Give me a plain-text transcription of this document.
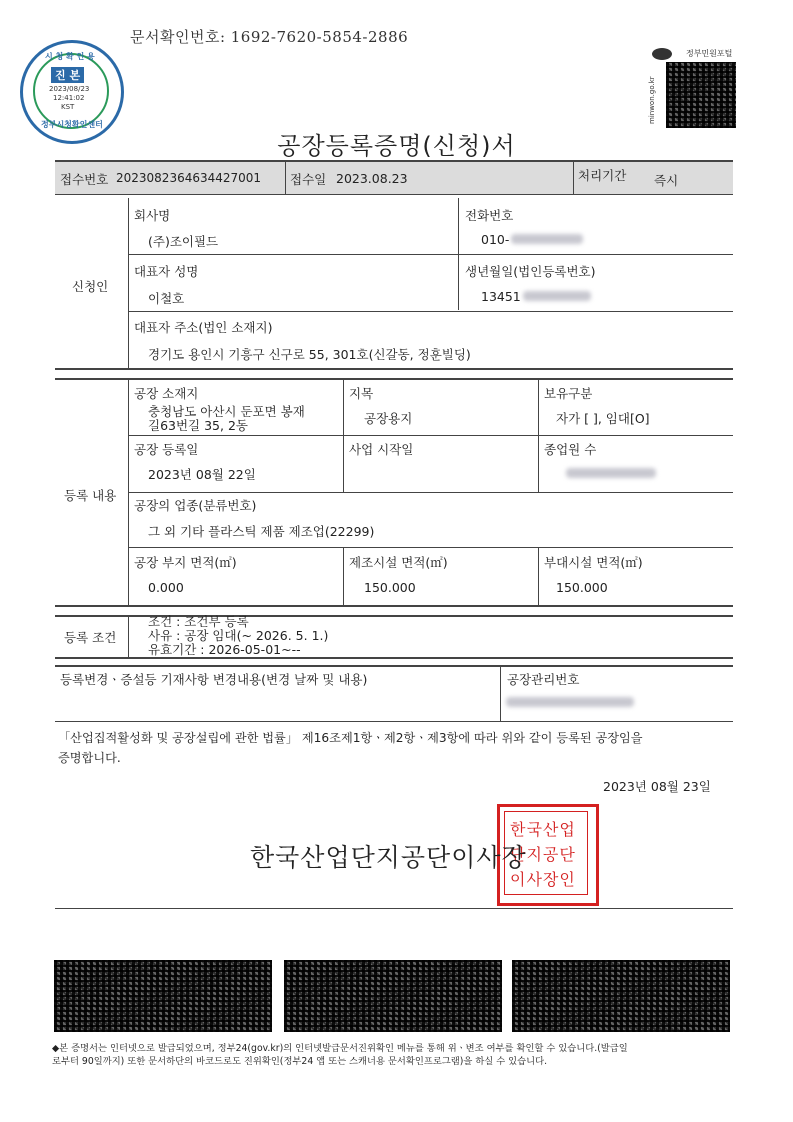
문서확인번호: 1692-7620-5854-2886
시 청 확 인 용
진 본
2023/08/23
12:41:02
KST
정부시청확인센터
minwon.go.kr
정부민원포털
공장등록증명(신청)서
접수번호 2023082364634427001 접수일 2023.08.23	처리기간 즉시
신청인
회사명
(주)조이필드
전화번호
010-
대표자 성명
이철호
생년월일(법인등록번호)
13451
대표자 주소(법인 소재지)
경기도 용인시 기흥구 신구로 55, 301호(신갈동, 정훈빌딩)
등록 내용
공장 소재지
충청남도 아산시 둔포면 봉재
길63번길 35, 2동
지목
공장용지
보유구분
자가 [ ], 임대[O]
공장 등록일
2023년 08월 22일
사업 시작일	종업원 수
공장의 업종(분류번호)
그 외 기타 플라스틱 제품 제조업(22299)
공장 부지 면적(㎡)
0.000
제조시설 면적(㎡)
150.000
부대시설 면적(㎡)
150.000
등록 조건
조건 : 조건부 등록
사유 : 공장 임대(~ 2026. 5. 1.)
유효기간 : 2026-05-01~--
등록변경ㆍ증설등 기재사항 변경내용(변경 날짜 및 내용)	공장관리번호
「산업집적활성화 및 공장설립에 관한 법률」 제16조제1항ㆍ제2항ㆍ제3항에 따라 위와 같이 등록된 공장임을
증명합니다.
2023년 08월 23일
한국산업단지공단이사장인
한국산업단지공단이사장
◆본 증명서는 인터넷으로 발급되었으며, 정부24(gov.kr)의 인터넷발급문서진위확인 메뉴를 통해 위ㆍ변조 여부를 확인할 수 있습니다.(발급일
로부터 90일까지) 또한 문서하단의 바코드로도 진위확인(정부24 앱 또는 스캐너용 문서확인프로그램)을 하실 수 있습니다.
